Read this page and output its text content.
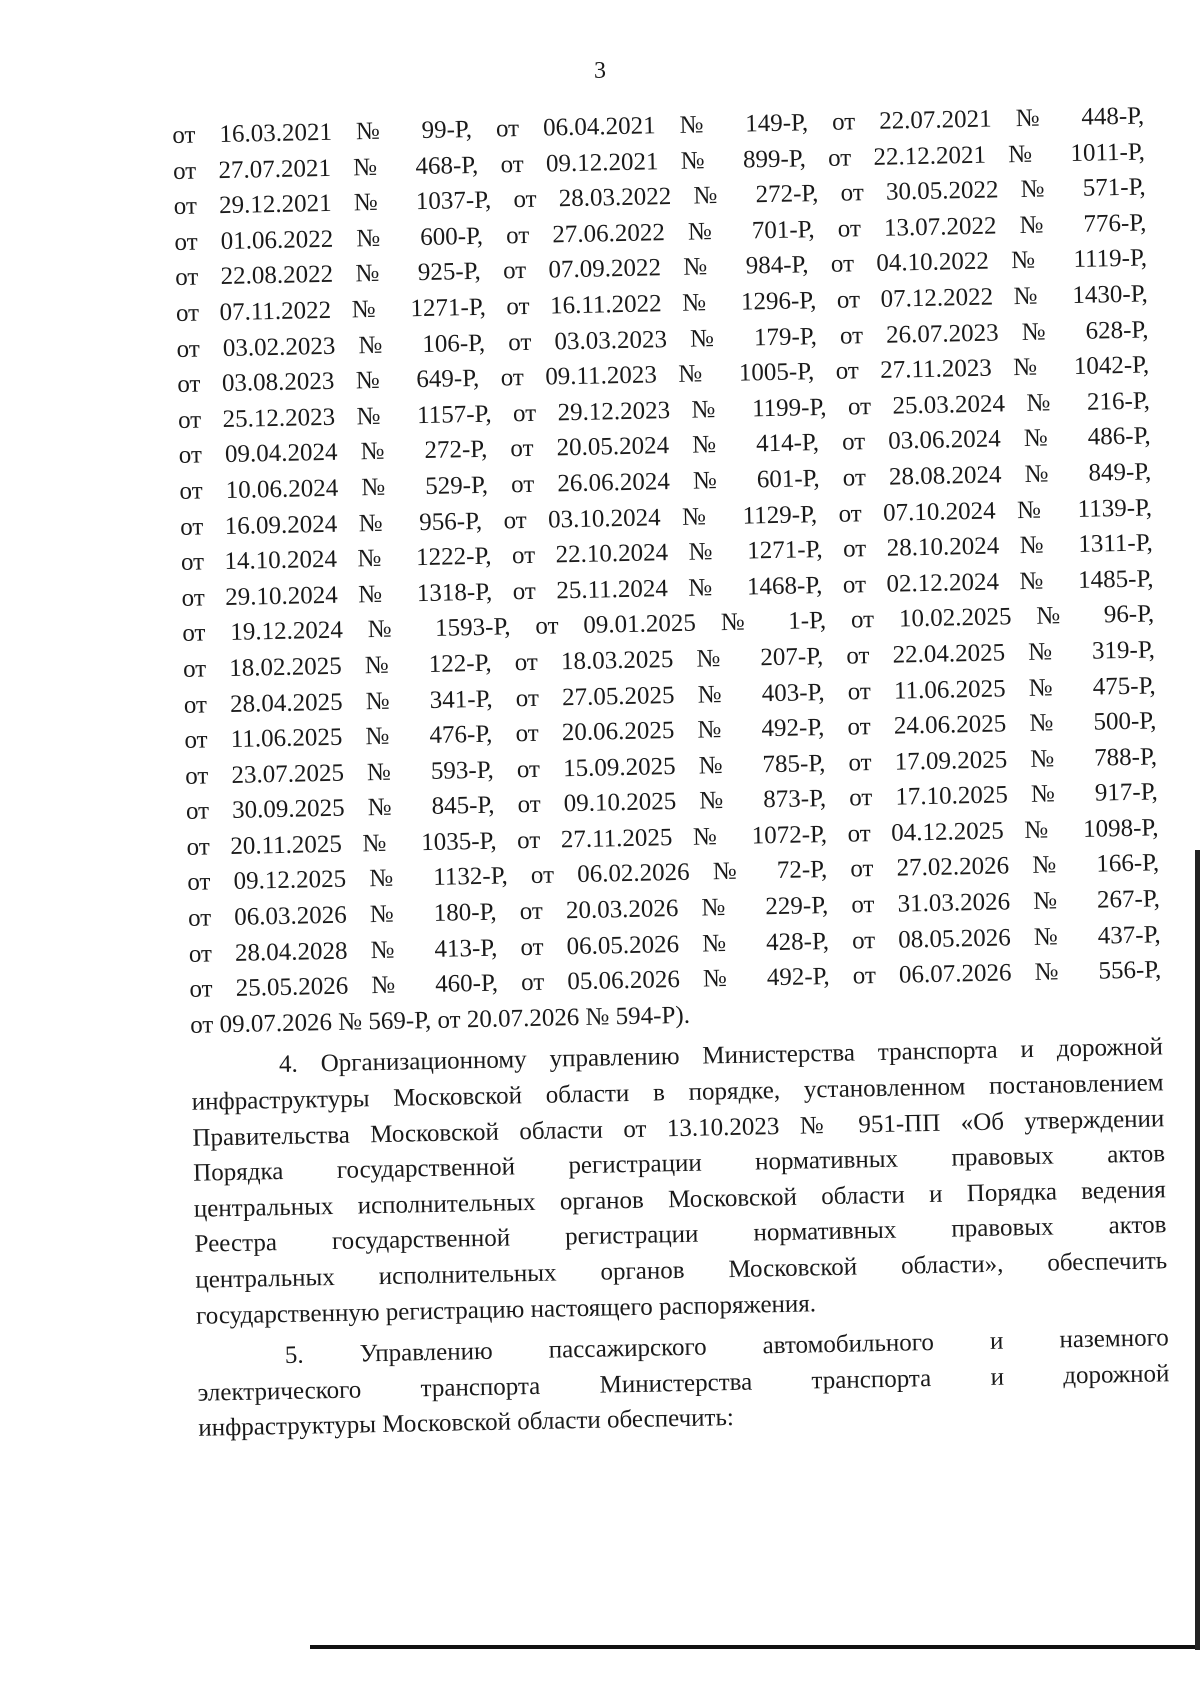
3
от 16.03.2021 № 99-Р, от 06.04.2021 № 149-Р, от 22.07.2021 № 448-Р,
от 27.07.2021 № 468-Р, от 09.12.2021 № 899-Р, от 22.12.2021 № 1011-Р,
от 29.12.2021 № 1037-Р, от 28.03.2022 № 272-Р, от 30.05.2022 № 571-Р,
от 01.06.2022 № 600-Р, от 27.06.2022 № 701-Р, от 13.07.2022 № 776-Р,
от 22.08.2022 № 925-Р, от 07.09.2022 № 984-Р, от 04.10.2022 № 1119-Р,
от 07.11.2022 № 1271-Р, от 16.11.2022 № 1296-Р, от 07.12.2022 № 1430-Р,
от 03.02.2023 № 106-Р, от 03.03.2023 № 179-Р, от 26.07.2023 № 628-Р,
от 03.08.2023 № 649-Р, от 09.11.2023 № 1005-Р, от 27.11.2023 № 1042-Р,
от 25.12.2023 № 1157-Р, от 29.12.2023 № 1199-Р, от 25.03.2024 № 216-Р,
от 09.04.2024 № 272-Р, от 20.05.2024 № 414-Р, от 03.06.2024 № 486-Р,
от 10.06.2024 № 529-Р, от 26.06.2024 № 601-Р, от 28.08.2024 № 849-Р,
от 16.09.2024 № 956-Р, от 03.10.2024 № 1129-Р, от 07.10.2024 № 1139-Р,
от 14.10.2024 № 1222-Р, от 22.10.2024 № 1271-Р, от 28.10.2024 № 1311-Р,
от 29.10.2024 № 1318-Р, от 25.11.2024 № 1468-Р, от 02.12.2024 № 1485-Р,
от 19.12.2024 № 1593-Р, от 09.01.2025 № 1-Р, от 10.02.2025 № 96-Р,
от 18.02.2025 № 122-Р, от 18.03.2025 № 207-Р, от 22.04.2025 № 319-Р,
от 28.04.2025 № 341-Р, от 27.05.2025 № 403-Р, от 11.06.2025 № 475-Р,
от 11.06.2025 № 476-Р, от 20.06.2025 № 492-Р, от 24.06.2025 № 500-Р,
от 23.07.2025 № 593-Р, от 15.09.2025 № 785-Р, от 17.09.2025 № 788-Р,
от 30.09.2025 № 845-Р, от 09.10.2025 № 873-Р, от 17.10.2025 № 917-Р,
от 20.11.2025 № 1035-Р, от 27.11.2025 № 1072-Р, от 04.12.2025 № 1098-Р,
от 09.12.2025 № 1132-Р, от 06.02.2026 № 72-Р, от 27.02.2026 № 166-Р,
от 06.03.2026 № 180-Р, от 20.03.2026 № 229-Р, от 31.03.2026 № 267-Р,
от 28.04.2028 № 413-Р, от 06.05.2026 № 428-Р, от 08.05.2026 № 437-Р,
от 25.05.2026 № 460-Р, от 05.06.2026 № 492-Р, от 06.07.2026 № 556-Р,
от 09.07.2026 № 569-Р, от 20.07.2026 № 594-Р).
4. Организационному управлению Министерства транспорта и дорожной
инфраструктуры Московской области в порядке, установленном постановлением
Правительства Московской области от 13.10.2023 № 951-ПП «Об утверждении
Порядка государственной регистрации нормативных правовых актов
центральных исполнительных органов Московской области и Порядка ведения
Реестра государственной регистрации нормативных правовых актов
центральных исполнительных органов Московской области», обеспечить
государственную регистрацию настоящего распоряжения.
5. Управлению пассажирского автомобильного и наземного
электрического транспорта Министерства транспорта и дорожной
инфраструктуры Московской области обеспечить:
